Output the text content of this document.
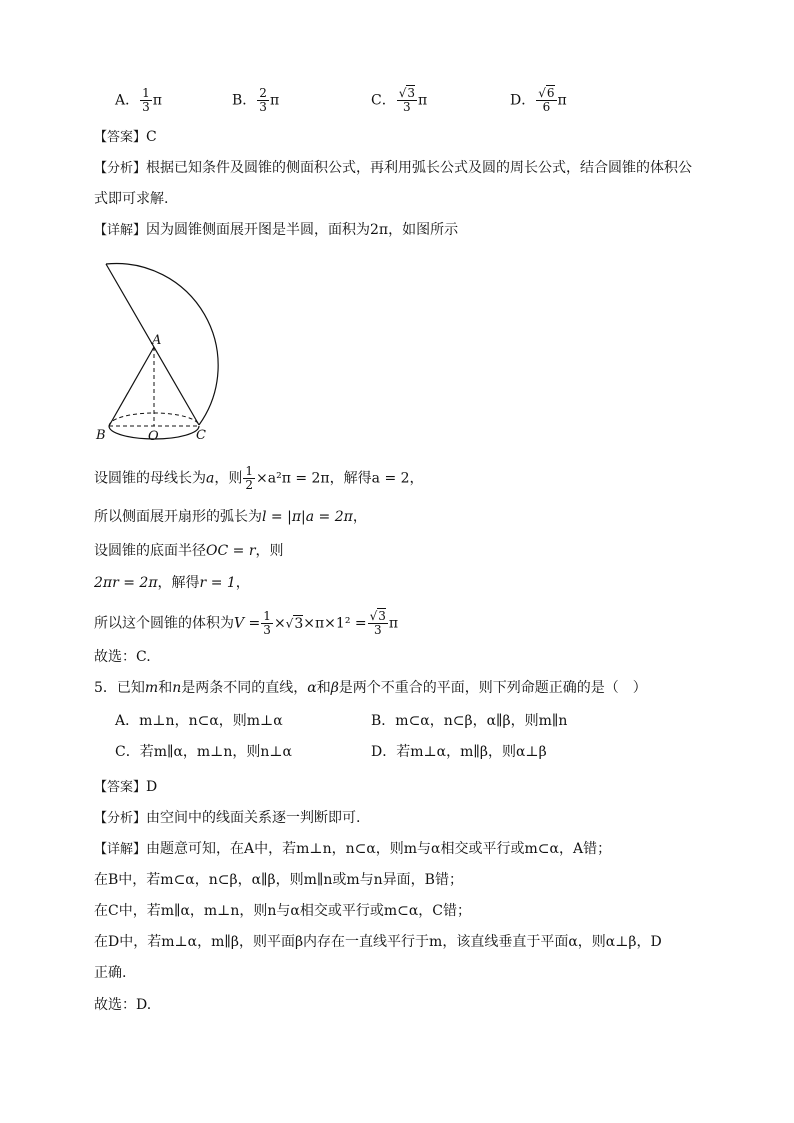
A． $\frac{1}{3}$ π	B． $\frac{2}{3}$ π	C． $\frac{√3}{3}$ π	D． $\frac{√6}{6}$ π
【答案】C
【分析】根据已知条件及圆锥的侧面积公式，再利用弧长公式及圆的周长公式，结合圆锥的体积公
式即可求解.
【详解】因为圆锥侧面展开图是半圆，面积为2π，如图所示
A
B	O	C
设圆锥的母线长为a，则 $\frac{1}{2} \times a^2\pi = 2\pi$，解得a = 2，
所以侧面展开扇形的弧长为l = |π|a = 2π，
设圆锥的底面半径OC = r，则
2πr = 2π，解得r = 1，
所以这个圆锥的体积为$V = \frac{1}{3} \times√3\times\pi\times 1^2 = \frac{√3}{3}$ π
故选：C.
5．已知m和n是两条不同的直线，α和β是两个不重合的平面，则下列命题正确的是（　）
A．m⊥n，n⊂α，则m⊥α	B．m⊂α，n⊂β，α∥β，则m∥n
C．若m∥α，m⊥n，则n⊥α	D．若m⊥α，m∥β，则α⊥β
【答案】D
【分析】由空间中的线面关系逐一判断即可.
【详解】由题意可知，在A中，若m⊥n，n⊂α，则m与α相交或平行或m⊂α，A错；
在B中，若m⊂α，n⊂β，α∥β，则m∥n或m与n异面，B错；
在C中，若m∥α，m⊥n，则n与α相交或平行或m⊂α，C错；
在D中，若m⊥α，m∥β，则平面β内存在一直线平行于m，该直线垂直于平面α，则α⊥β，D
正确.
故选：D.
